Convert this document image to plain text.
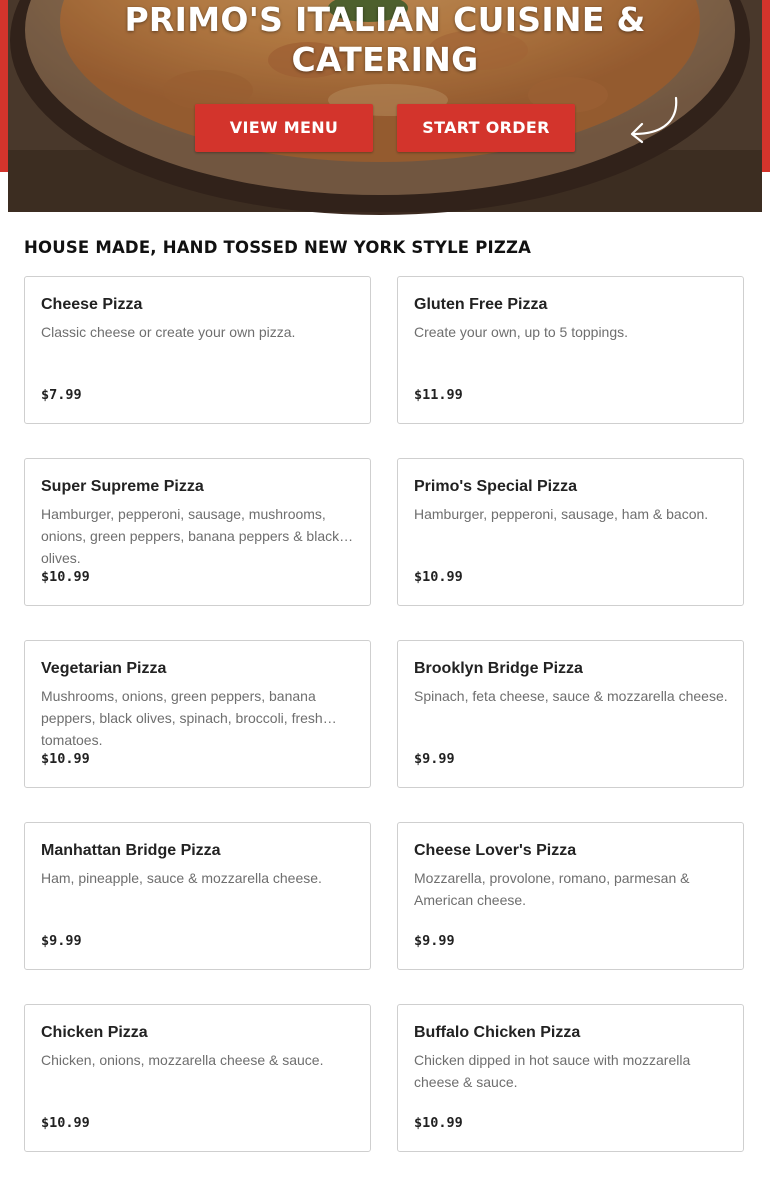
PRIMO'S ITALIAN CUISINE &
CATERING
VIEW MENU	START ORDER
HOUSE MADE, HAND TOSSED NEW YORK STYLE PIZZA
Cheese Pizza
Classic cheese or create your own pizza.
$7.99
Gluten Free Pizza
Create your own, up to 5 toppings.
$11.99
Super Supreme Pizza
Hamburger, pepperoni, sausage, mushrooms, onions, green peppers, banana peppers & black olives.
$10.99
Primo's Special Pizza
Hamburger, pepperoni, sausage, ham & bacon.
$10.99
Vegetarian Pizza
Mushrooms, onions, green peppers, banana peppers, black olives, spinach, broccoli, fresh tomatoes.
$10.99
Brooklyn Bridge Pizza
Spinach, feta cheese, sauce & mozzarella cheese.
$9.99
Manhattan Bridge Pizza
Ham, pineapple, sauce & mozzarella cheese.
$9.99
Cheese Lover's Pizza
Mozzarella, provolone, romano, parmesan & American cheese.
$9.99
Chicken Pizza
Chicken, onions, mozzarella cheese & sauce.
$10.99
Buffalo Chicken Pizza
Chicken dipped in hot sauce with mozzarella cheese & sauce.
$10.99
